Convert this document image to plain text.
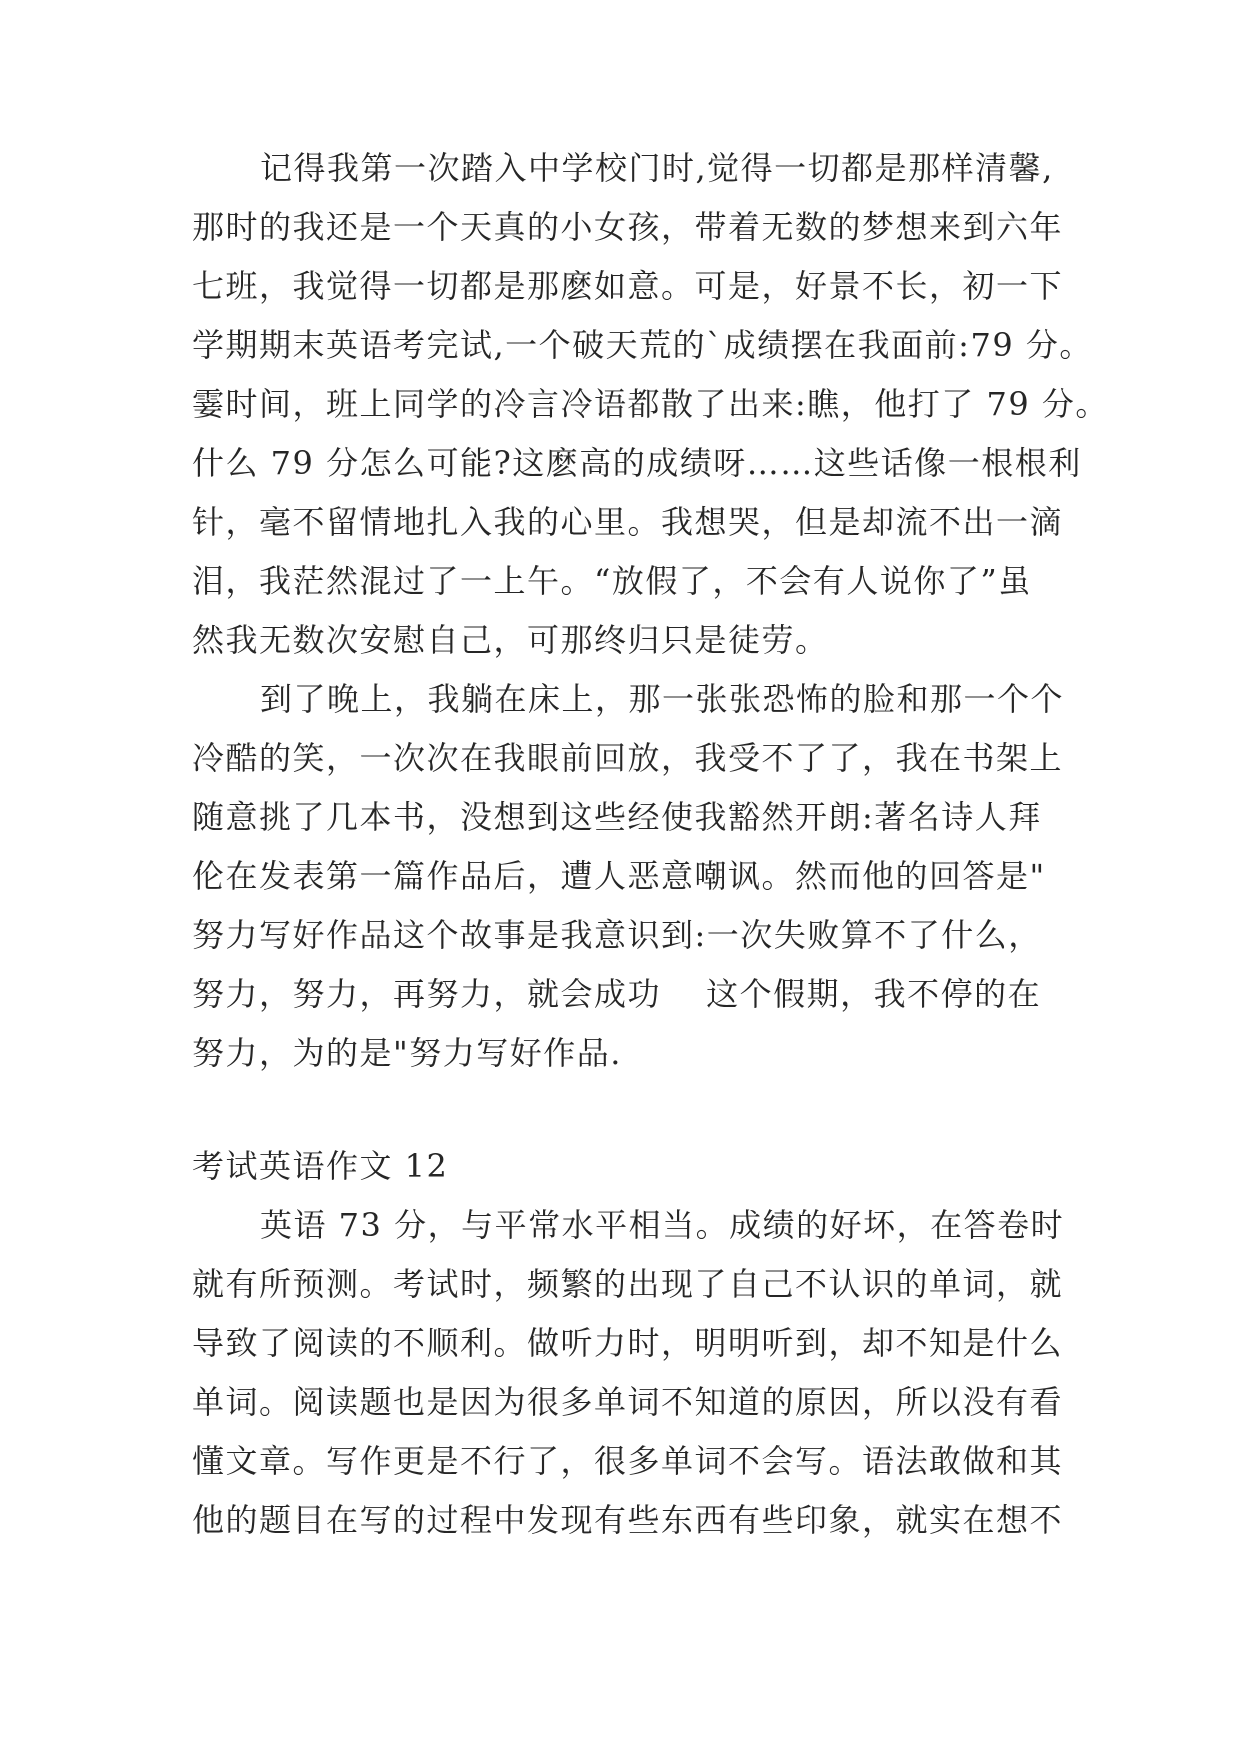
记得我第一次踏入中学校门时,觉得一切都是那样清馨,
那时的我还是一个天真的小女孩，带着无数的梦想来到六年
七班，我觉得一切都是那麽如意。可是，好景不长，初一下
学期期末英语考完试,一个破天荒的`成绩摆在我面前:79 分。
霎时间，班上同学的冷言冷语都散了出来:瞧，他打了 79 分。
什么 79 分怎么可能?这麽高的成绩呀……这些话像一根根利
针，毫不留情地扎入我的心里。我想哭，但是却流不出一滴
泪，我茫然混过了一上午。“放假了，不会有人说你了”虽
然我无数次安慰自己，可那终归只是徒劳。
到了晚上，我躺在床上，那一张张恐怖的脸和那一个个
冷酷的笑，一次次在我眼前回放，我受不了了，我在书架上
随意挑了几本书，没想到这些经使我豁然开朗:著名诗人拜
伦在发表第一篇作品后，遭人恶意嘲讽。然而他的回答是"
努力写好作品这个故事是我意识到:一次失败算不了什么，
努力，努力，再努力，就会成功　 这个假期，我不停的在
努力，为的是"努力写好作品.
考试英语作文 12
英语 73 分，与平常水平相当。成绩的好坏，在答卷时
就有所预测。考试时，频繁的出现了自己不认识的单词，就
导致了阅读的不顺利。做听力时，明明听到，却不知是什么
单词。阅读题也是因为很多单词不知道的原因，所以没有看
懂文章。写作更是不行了，很多单词不会写。语法敢做和其
他的题目在写的过程中发现有些东西有些印象，就实在想不
